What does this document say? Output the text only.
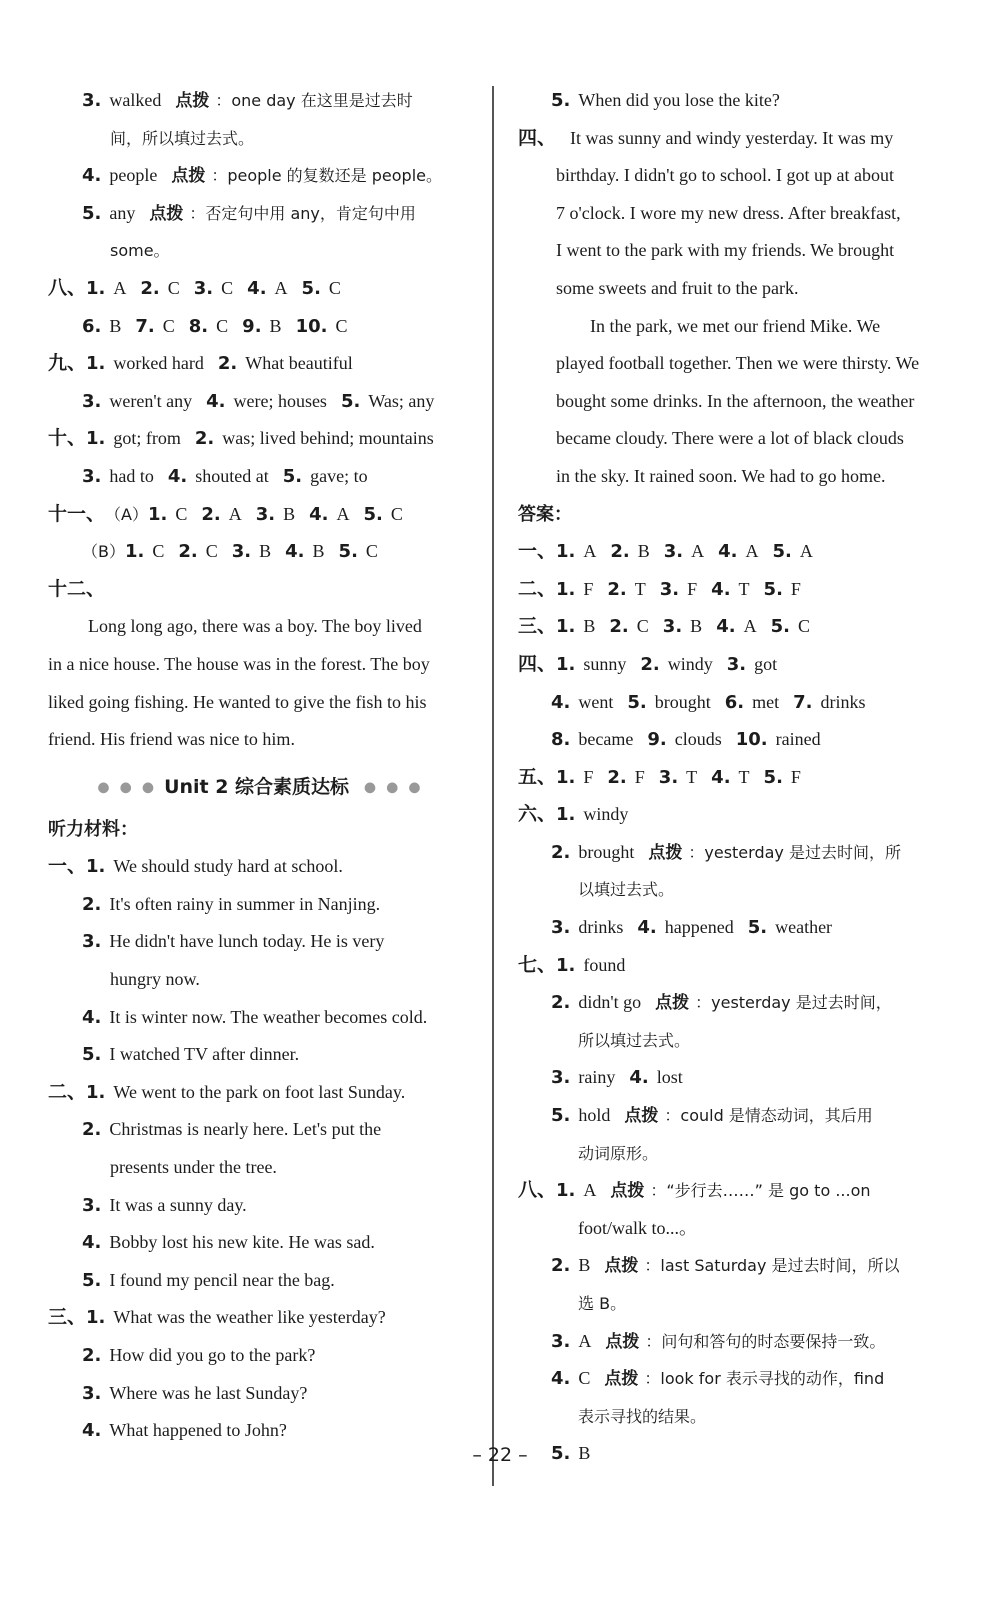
3. walked 点拨 ：one day 在这里是过去时
间，所以填过去式。
4. people 点拨 ：people 的复数还是 people。
5. any 点拨 ：否定句中用 any，肯定句中用
some。
八、1. A 2. C 3. C 4. A 5. C
6. B 7. C 8. C 9. B 10. C
九、1. worked hard 2. What beautiful
3. weren't any 4. were; houses 5. Was; any
十、1. got; from 2. was; lived behind; mountains
3. had to 4. shouted at 5. gave; to
十一、（A）1. C 2. A 3. B 4. A 5. C
（B）1. C 2. C 3. B 4. B 5. C
十二、
Long long ago, there was a boy. The boy lived
in a nice house. The house was in the forest. The boy
liked going fishing. He wanted to give the fish to his
friend. His friend was nice to him.
●●●Unit 2 综合素质达标 ●●●
听力材料：
一、1. We should study hard at school.
2. It's often rainy in summer in Nanjing.
3. He didn't have lunch today. He is very
hungry now.
4. It is winter now. The weather becomes cold.
5. I watched TV after dinner.
二、1. We went to the park on foot last Sunday.
2. Christmas is nearly here. Let's put the
presents under the tree.
3. It was a sunny day.
4. Bobby lost his new kite. He was sad.
5. I found my pencil near the bag.
三、1. What was the weather like yesterday?
2. How did you go to the park?
3. Where was he last Sunday?
4. What happened to John?
5. When did you lose the kite?
四、 It was sunny and windy yesterday. It was my
birthday. I didn't go to school. I got up at about
7 o'clock. I wore my new dress. After breakfast,
I went to the park with my friends. We brought
some sweets and fruit to the park.
In the park, we met our friend Mike. We
played football together. Then we were thirsty. We
bought some drinks. In the afternoon, the weather
became cloudy. There were a lot of black clouds
in the sky. It rained soon. We had to go home.
答案：
一、1. A 2. B 3. A 4. A 5. A
二、1. F 2. T 3. F 4. T 5. F
三、1. B 2. C 3. B 4. A 5. C
四、1. sunny 2. windy 3. got
4. went 5. brought 6. met 7. drinks
8. became 9. clouds 10. rained
五、1. F 2. F 3. T 4. T 5. F
六、1. windy
2. brought 点拨 ：yesterday 是过去时间，所
以填过去式。
3. drinks 4. happened 5. weather
七、1. found
2. didn't go 点拨 ：yesterday 是过去时间，
所以填过去式。
3. rainy 4. lost
5. hold 点拨 ：could 是情态动词，其后用
动词原形。
八、1. A 点拨 ：“步行去……” 是 go to ...on
foot/walk to...。
2. B 点拨 ：last Saturday 是过去时间，所以
选 B。
3. A 点拨 ：问句和答句的时态要保持一致。
4. C 点拨 ：look for 表示寻找的动作，find
表示寻找的结果。
5. B
– 22 –
